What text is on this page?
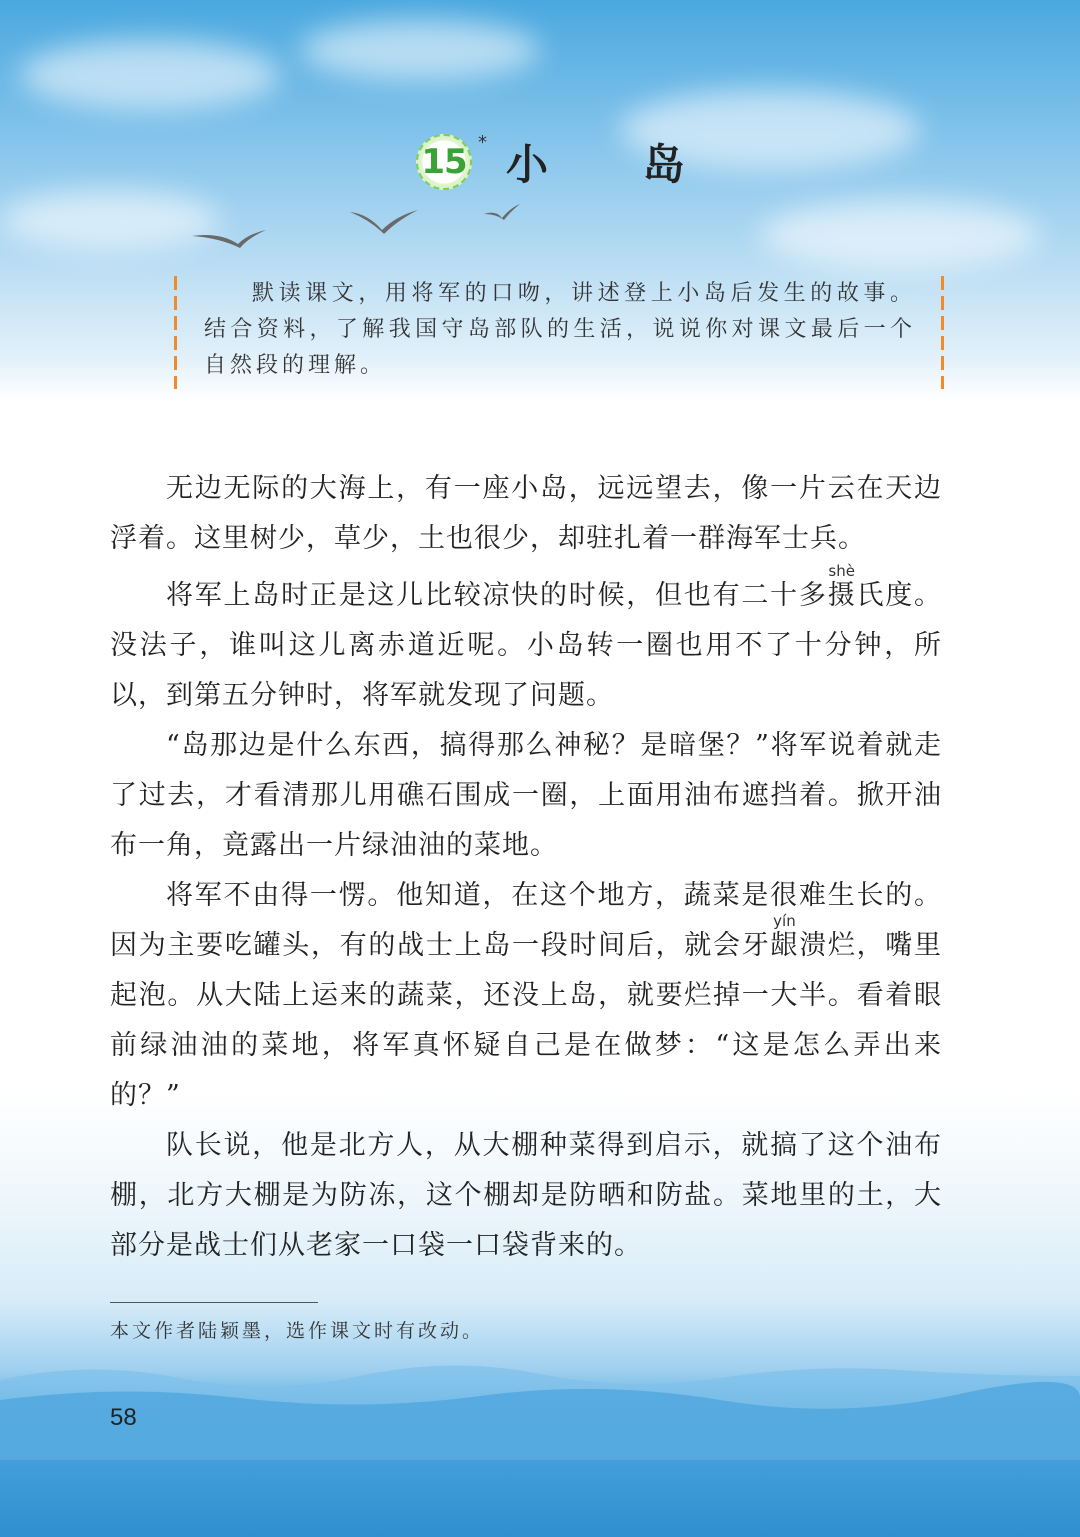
15 * 小 岛
默读课文，用将军的口吻，讲述登上小岛后发生的故事。结合资料，了解我国守岛部队的生活，说说你对课文最后一个自然段的理解。

无边无际的大海上，有一座小岛，远远望去，像一片云在天边浮着。这里树少，草少，土也很少，却驻扎着一群海军士兵。

将军上岛时正是这儿比较凉快的时候，但也有二十多摄shè氏度。没法子，谁叫这儿离赤道近呢。小岛转一圈也用不了十分钟，所以，到第五分钟时，将军就发现了问题。

“岛那边是什么东西，搞得那么神秘？是暗堡？”将军说着就走了过去，才看清那儿用礁石围成一圈，上面用油布遮挡着。掀开油布一角，竟露出一片绿油油的菜地。

将军不由得一愣。他知道，在这个地方，蔬菜是很难生长的。因为主要吃罐头，有的战士上岛一段时间后，就会牙龈yín溃烂，嘴里起泡。从大陆上运来的蔬菜，还没上岛，就要烂掉一大半。看着眼前绿油油的菜地，将军真怀疑自己是在做梦：“这是怎么弄出来的？”

队长说，他是北方人，从大棚种菜得到启示，就搞了这个油布棚，北方大棚是为防冻，这个棚却是防晒和防盐。菜地里的土，大部分是战士们从老家一口袋一口袋背来的。

本文作者陆颖墨，选作课文时有改动。
58
